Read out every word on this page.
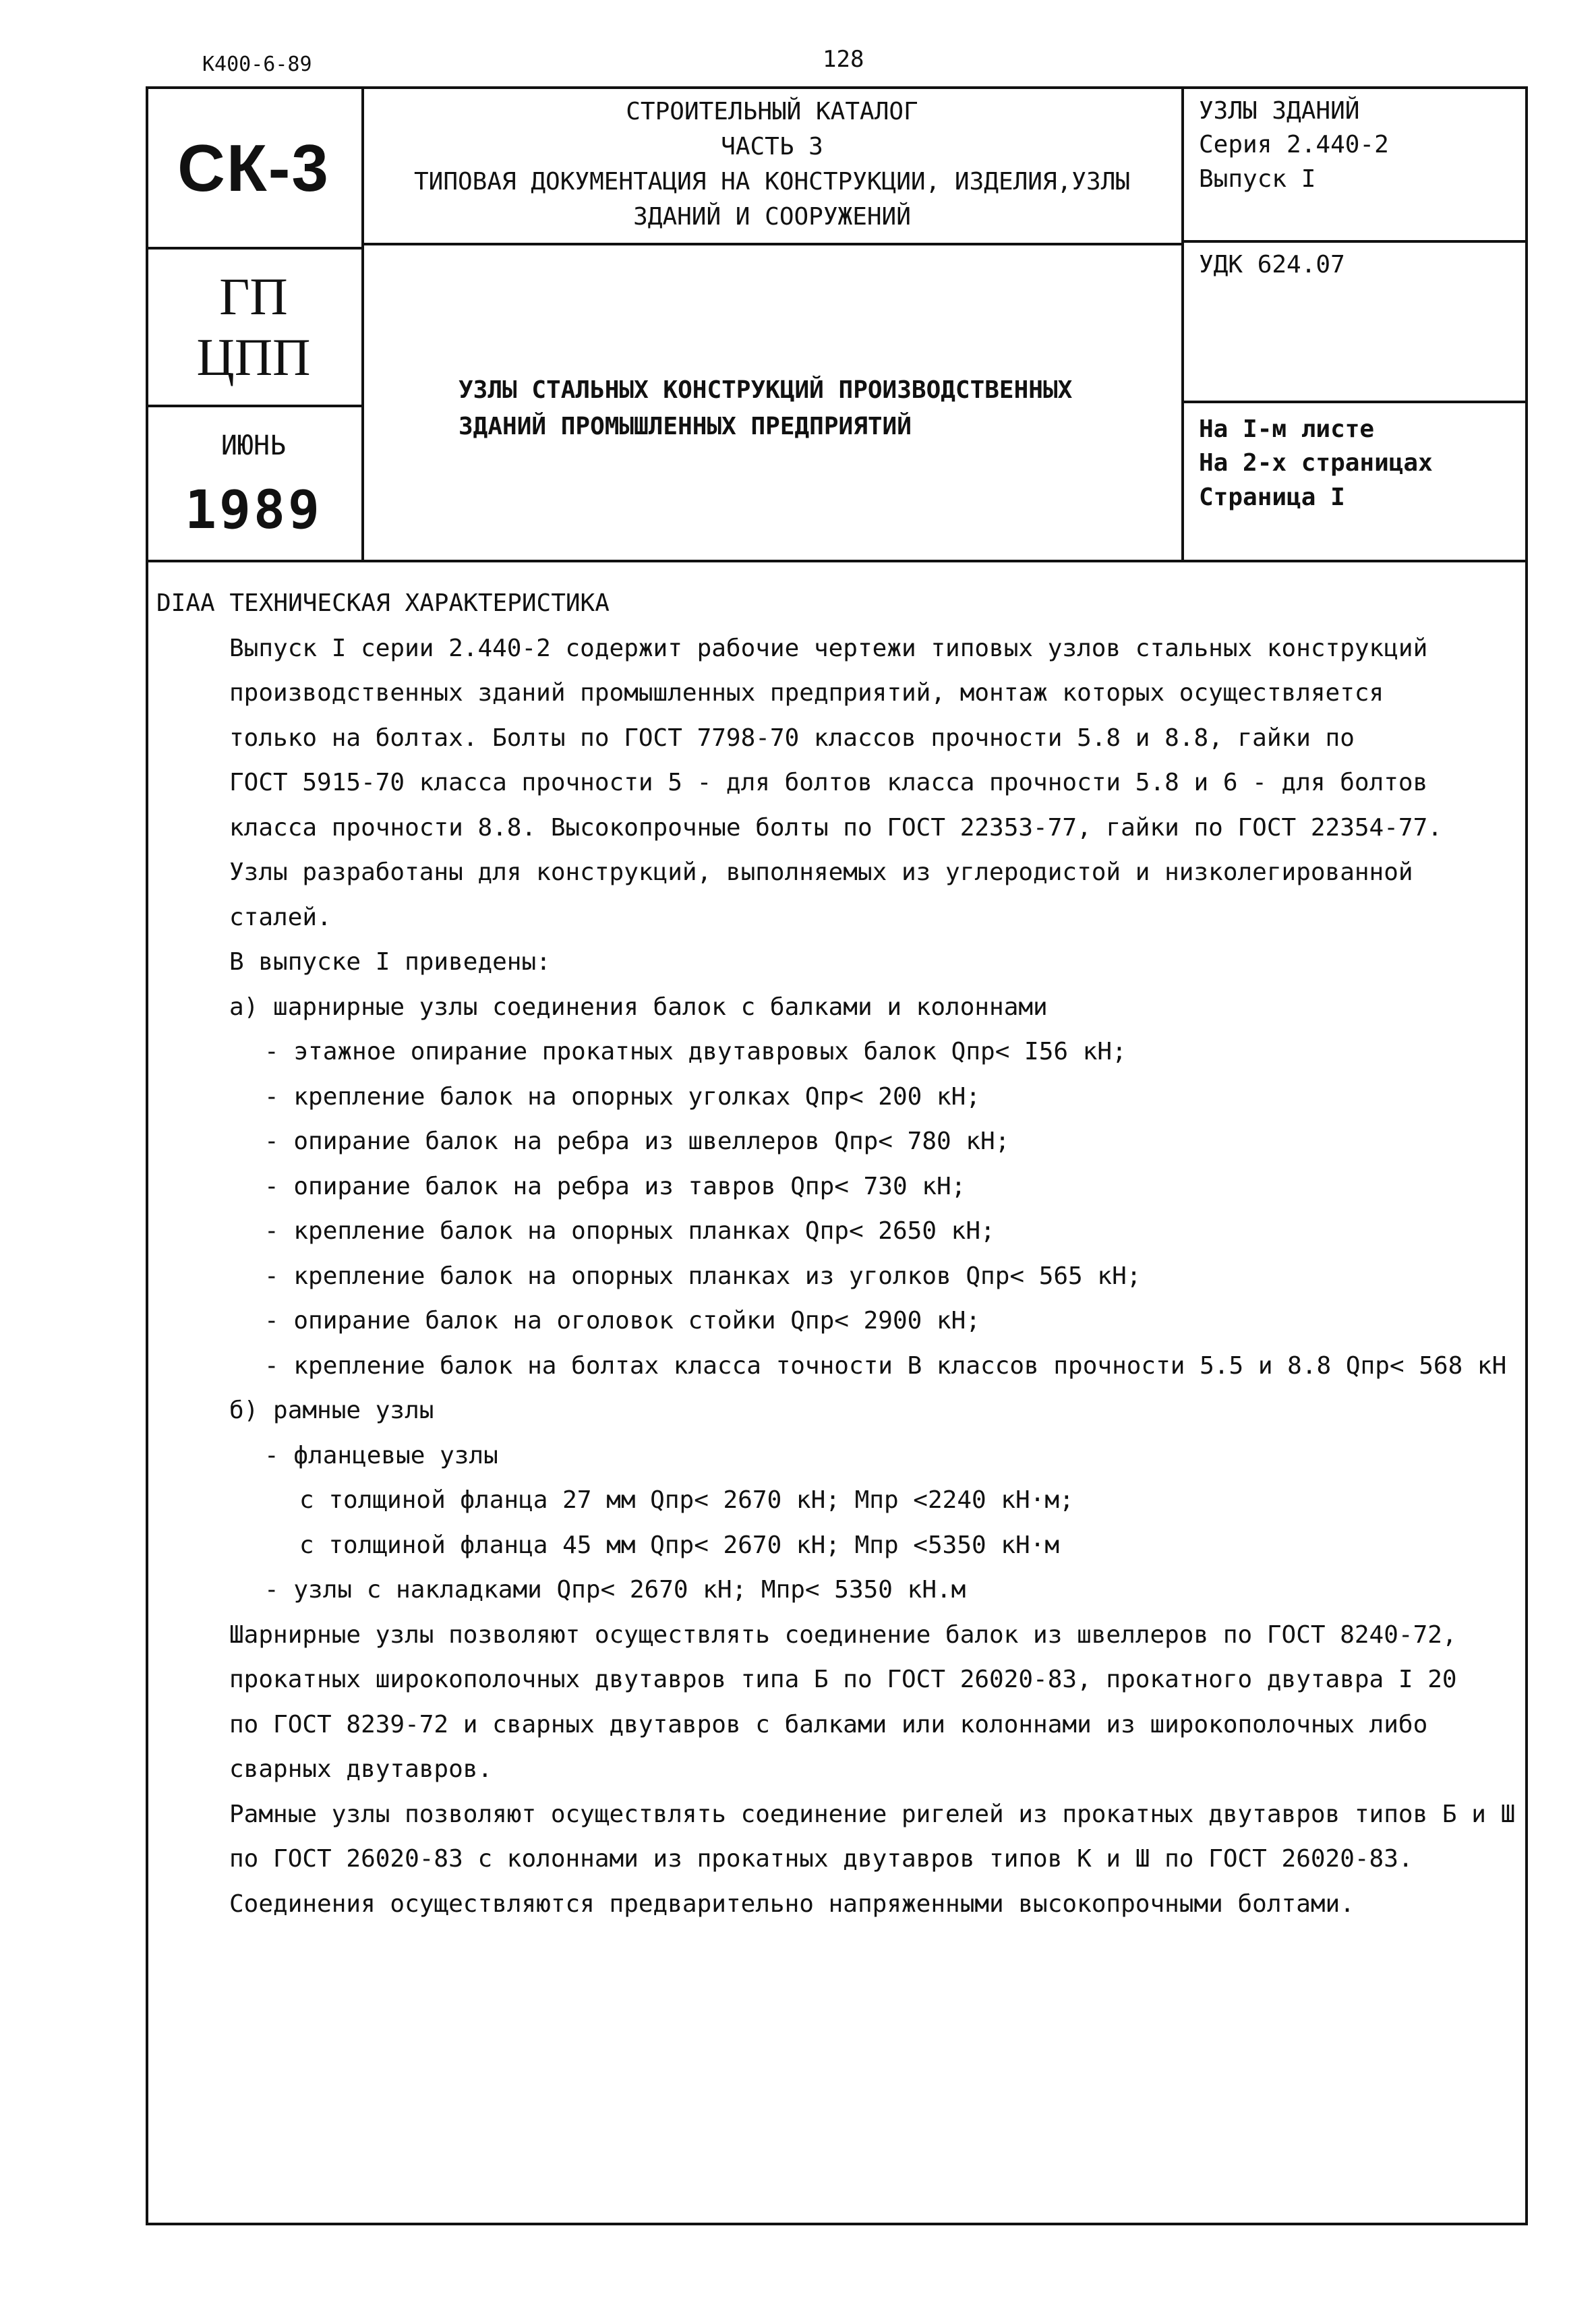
К400-6-89	128
СК-3
ГП
ЦПП
ИЮНЬ
1989
СТРОИТЕЛЬНЫЙ КАТАЛОГ
ЧАСТЬ 3
ТИПОВАЯ ДОКУМЕНТАЦИЯ НА КОНСТРУКЦИИ, ИЗДЕЛИЯ,УЗЛЫ
ЗДАНИЙ И СООРУЖЕНИЙ
УЗЛЫ ЗДАНИЙ
Серия 2.440-2
Выпуск I
УДК 624.07
УЗЛЫ СТАЛЬНЫХ КОНСТРУКЦИЙ ПРОИЗВОДСТВЕННЫХ
ЗДАНИЙ ПРОМЫШЛЕННЫХ ПРЕДПРИЯТИЙ	На I-м листе
На 2-х страницах
Страница I

DIAA ТЕХНИЧЕСКАЯ ХАРАКТЕРИСТИКА

Выпуск I серии 2.440-2 содержит рабочие чертежи типовых узлов стальных конструкций

производственных зданий промышленных предприятий, монтаж которых осуществляется

только на болтах. Болты по ГОСТ 7798-70 классов прочности 5.8 и 8.8, гайки по

ГОСТ 5915-70 класса прочности 5 - для болтов класса прочности 5.8 и 6 - для болтов

класса прочности 8.8. Высокопрочные болты по ГОСТ 22353-77, гайки по ГОСТ 22354-77.

Узлы разработаны для конструкций, выполняемых из углеродистой и низколегированной

сталей.

В выпуске I приведены:

а) шарнирные узлы соединения балок с балками и колоннами

- этажное опирание прокатных двутавровых балок Qпр< I56 кН;

- крепление балок на опорных уголках Qпр< 200 кН;

- опирание балок на ребра из швеллеров Qпр< 780 кН;

- опирание балок на ребра из тавров Qпр< 730 кН;

- крепление балок на опорных планках Qпр< 2650 кН;

- крепление балок на опорных планках из уголков Qпр< 565 кН;

- опирание балок на оголовок стойки Qпр< 2900 кН;

- крепление балок на болтах класса точности В классов прочности 5.5 и 8.8 Qпр< 568 кН

б) рамные узлы

- фланцевые узлы

с толщиной фланца 27 мм Qпр< 2670 кН; Мпр <2240 кН·м;

с толщиной фланца 45 мм Qпр< 2670 кН; Мпр <5350 кН·м

- узлы с накладками Qпр< 2670 кН; Мпр< 5350 кН.м

Шарнирные узлы позволяют осуществлять соединение балок из швеллеров по ГОСТ 8240-72,

прокатных широкополочных двутавров типа Б по ГОСТ 26020-83, прокатного двутавра I 20

по ГОСТ 8239-72 и сварных двутавров с балками или колоннами из широкополочных либо

сварных двутавров.

Рамные узлы позволяют осуществлять соединение ригелей из прокатных двутавров типов Б и Ш

по ГОСТ 26020-83 с колоннами из прокатных двутавров типов К и Ш по ГОСТ 26020-83.

Соединения осуществляются предварительно напряженными высокопрочными болтами.
